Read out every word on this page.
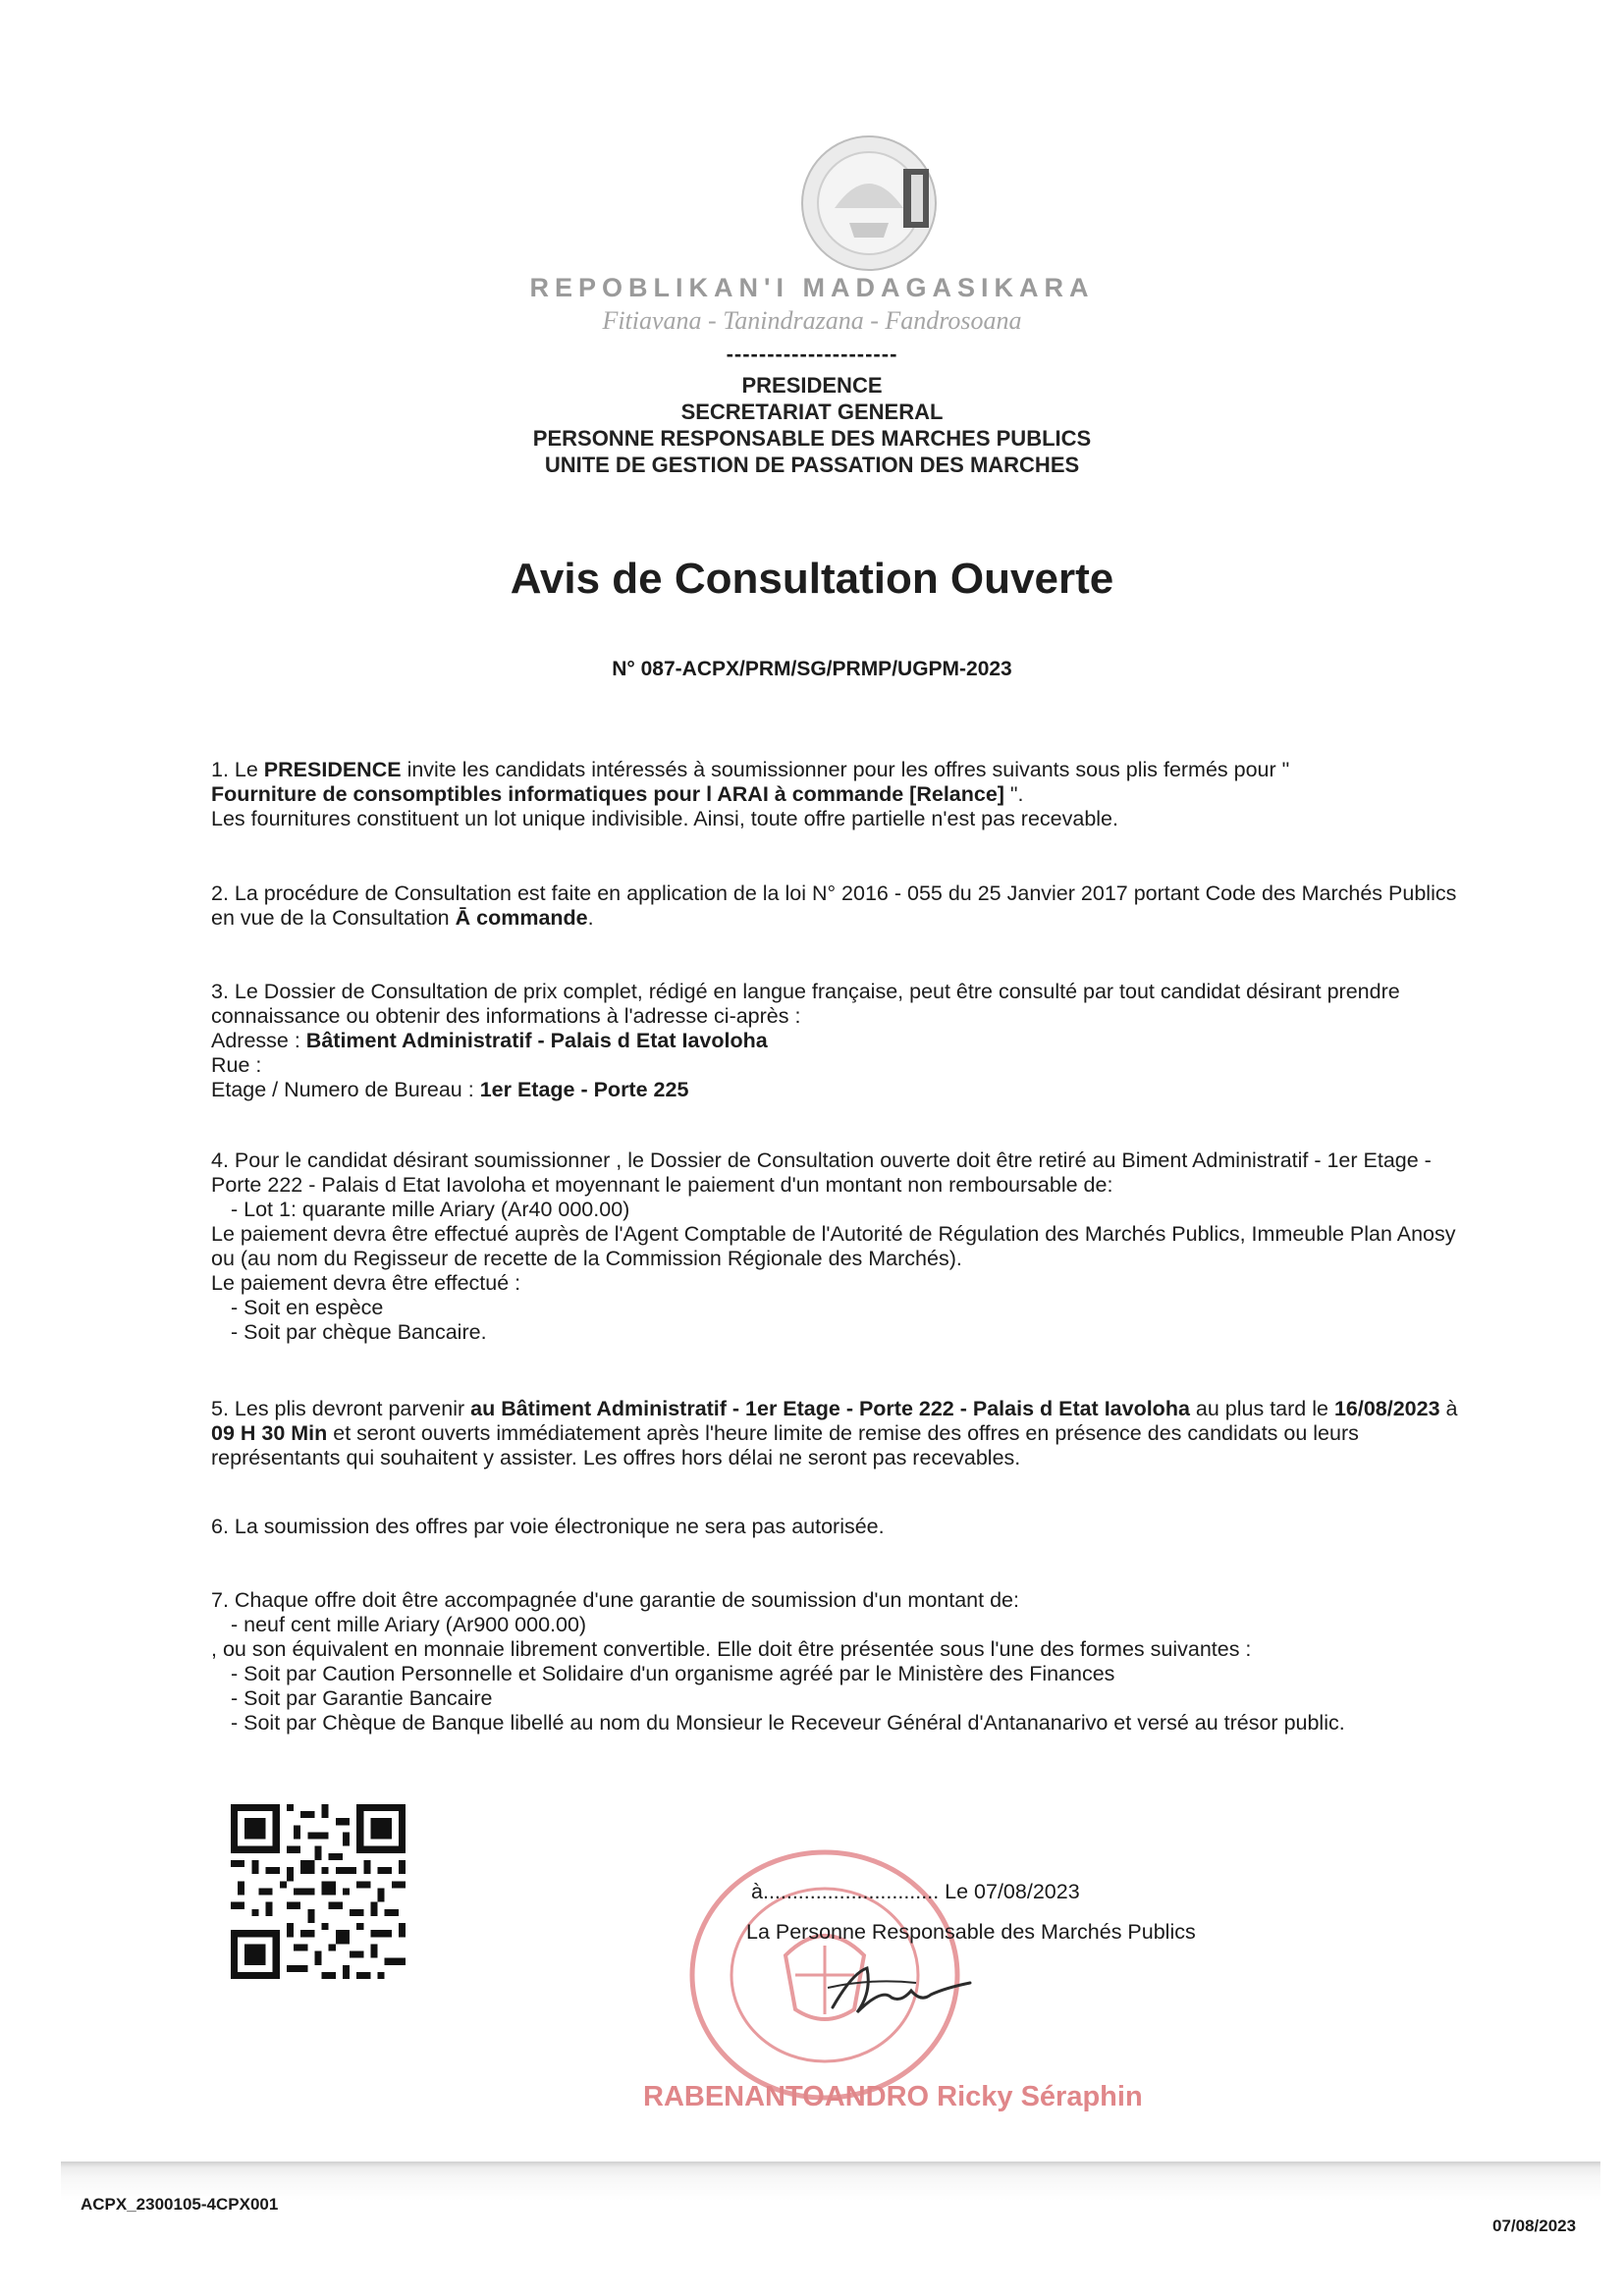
REPOBLIKAN'I MADAGASIKARA
Fitiavana - Tanindrazana - Fandrosoana
---------------------
PRESIDENCE
SECRETARIAT GENERAL
PERSONNE RESPONSABLE DES MARCHES PUBLICS
UNITE DE GESTION DE PASSATION DES MARCHES
Avis de Consultation Ouverte
N° 087-ACPX/PRM/SG/PRMP/UGPM-2023
1. Le PRESIDENCE invite les candidats intéressés à soumissionner pour les offres suivants sous plis fermés pour "
Fourniture de consomptibles informatiques pour l ARAI à commande [Relance] ".
Les fournitures constituent un lot unique indivisible. Ainsi, toute offre partielle n'est pas recevable.
2. La procédure de Consultation est faite en application de la loi N° 2016 - 055 du 25 Janvier 2017 portant Code des Marchés Publics en vue de la Consultation Ā commande.
3. Le Dossier de Consultation de prix complet, rédigé en langue française, peut être consulté par tout candidat désirant prendre connaissance ou obtenir des informations à l'adresse ci-après :
Adresse : Bâtiment Administratif - Palais d Etat Iavoloha
Rue :
Etage / Numero de Bureau : 1er Etage - Porte 225
4. Pour le candidat désirant soumissionner , le Dossier de Consultation ouverte doit être retiré au Biment Administratif - 1er Etage - Porte 222 - Palais d Etat Iavoloha et moyennant le paiement d'un montant non remboursable de:
- Lot 1: quarante mille Ariary (Ar40 000.00)
Le paiement devra être effectué auprès de l'Agent Comptable de l'Autorité de Régulation des Marchés Publics, Immeuble Plan Anosy ou (au nom du Regisseur de recette de la Commission Régionale des Marchés).
Le paiement devra être effectué :
- Soit en espèce
- Soit par chèque Bancaire.
5. Les plis devront parvenir au Bâtiment Administratif - 1er Etage - Porte 222 - Palais d Etat Iavoloha au plus tard le 16/08/2023 à 09 H 30 Min et seront ouverts immédiatement après l'heure limite de remise des offres en présence des candidats ou leurs représentants qui souhaitent y assister. Les offres hors délai ne seront pas recevables.
6. La soumission des offres par voie électronique ne sera pas autorisée.
7. Chaque offre doit être accompagnée d'une garantie de soumission d'un montant de:
- neuf cent mille Ariary (Ar900 000.00)
, ou son équivalent en monnaie librement convertible. Elle doit être présentée sous l'une des formes suivantes :
- Soit par Caution Personnelle et Solidaire d'un organisme agréé par le Ministère des Finances
- Soit par Garantie Bancaire
- Soit par Chèque de Banque libellé au nom du Monsieur le Receveur Général d'Antananarivo et versé au trésor public.
à.............................. Le 07/08/2023
La Personne Responsable des Marchés Publics
RABENANTOANDRO Ricky Séraphin
ACPX_2300105-4CPX001
07/08/2023
